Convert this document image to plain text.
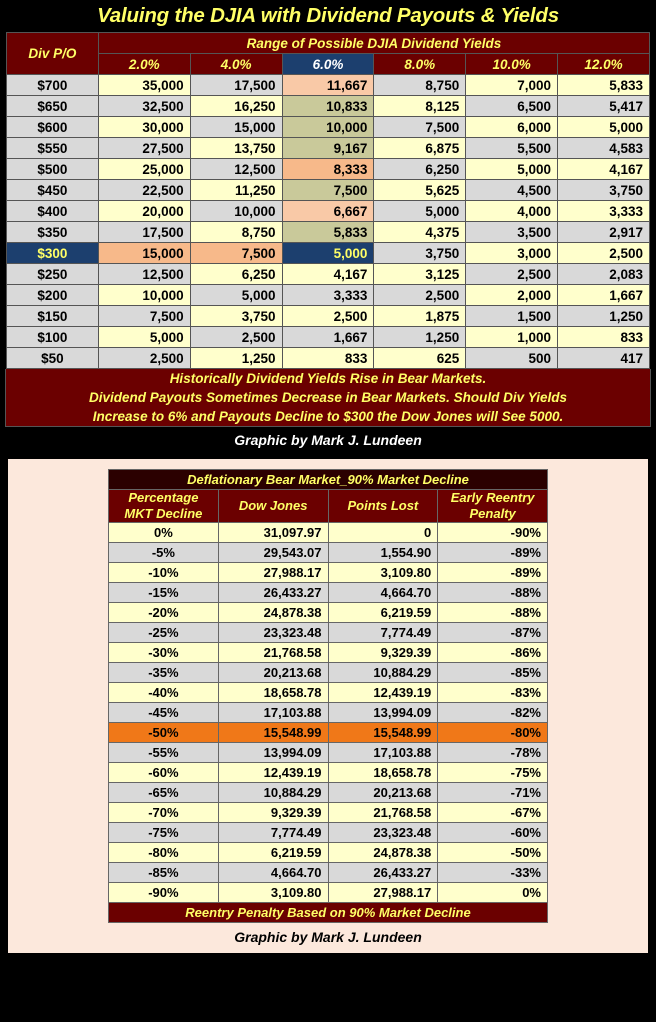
Valuing the DJIA with Dividend Payouts & Yields
Div P/O	Range of Possible DJIA Dividend Yields					
	2.0%	4.0%	6.0%	8.0%	10.0%	12.0%
$700	35,000	17,500	11,667	8,750	7,000	5,833
$650	32,500	16,250	10,833	8,125	6,500	5,417
$600	30,000	15,000	10,000	7,500	6,000	5,000
$550	27,500	13,750	9,167	6,875	5,500	4,583
$500	25,000	12,500	8,333	6,250	5,000	4,167
$450	22,500	11,250	7,500	5,625	4,500	3,750
$400	20,000	10,000	6,667	5,000	4,000	3,333
$350	17,500	8,750	5,833	4,375	3,500	2,917
$300	15,000	7,500	5,000	3,750	3,000	2,500
$250	12,500	6,250	4,167	3,125	2,500	2,083
$200	10,000	5,000	3,333	2,500	2,000	1,667
$150	7,500	3,750	2,500	1,875	1,500	1,250
$100	5,000	2,500	1,667	1,250	1,000	833
$50	2,500	1,250	833	625	500	417
Historically Dividend Yields Rise in Bear Markets.
Dividend Payouts Sometimes Decrease in Bear Markets. Should Div Yields
Increase to 6% and Payouts Decline to $300 the Dow Jones will See 5000.
Graphic by Mark J. Lundeen
Deflationary Bear Market_90% Market Decline			
Percentage MKT Decline	Dow Jones	Points Lost	Early Reentry Penalty
0%	31,097.97	0	-90%
-5%	29,543.07	1,554.90	-89%
-10%	27,988.17	3,109.80	-89%
-15%	26,433.27	4,664.70	-88%
-20%	24,878.38	6,219.59	-88%
-25%	23,323.48	7,774.49	-87%
-30%	21,768.58	9,329.39	-86%
-35%	20,213.68	10,884.29	-85%
-40%	18,658.78	12,439.19	-83%
-45%	17,103.88	13,994.09	-82%
-50%	15,548.99	15,548.99	-80%
-55%	13,994.09	17,103.88	-78%
-60%	12,439.19	18,658.78	-75%
-65%	10,884.29	20,213.68	-71%
-70%	9,329.39	21,768.58	-67%
-75%	7,774.49	23,323.48	-60%
-80%	6,219.59	24,878.38	-50%
-85%	4,664.70	26,433.27	-33%
-90%	3,109.80	27,988.17	0%
Reentry Penalty Based on 90% Market Decline			
Graphic by Mark J. Lundeen
